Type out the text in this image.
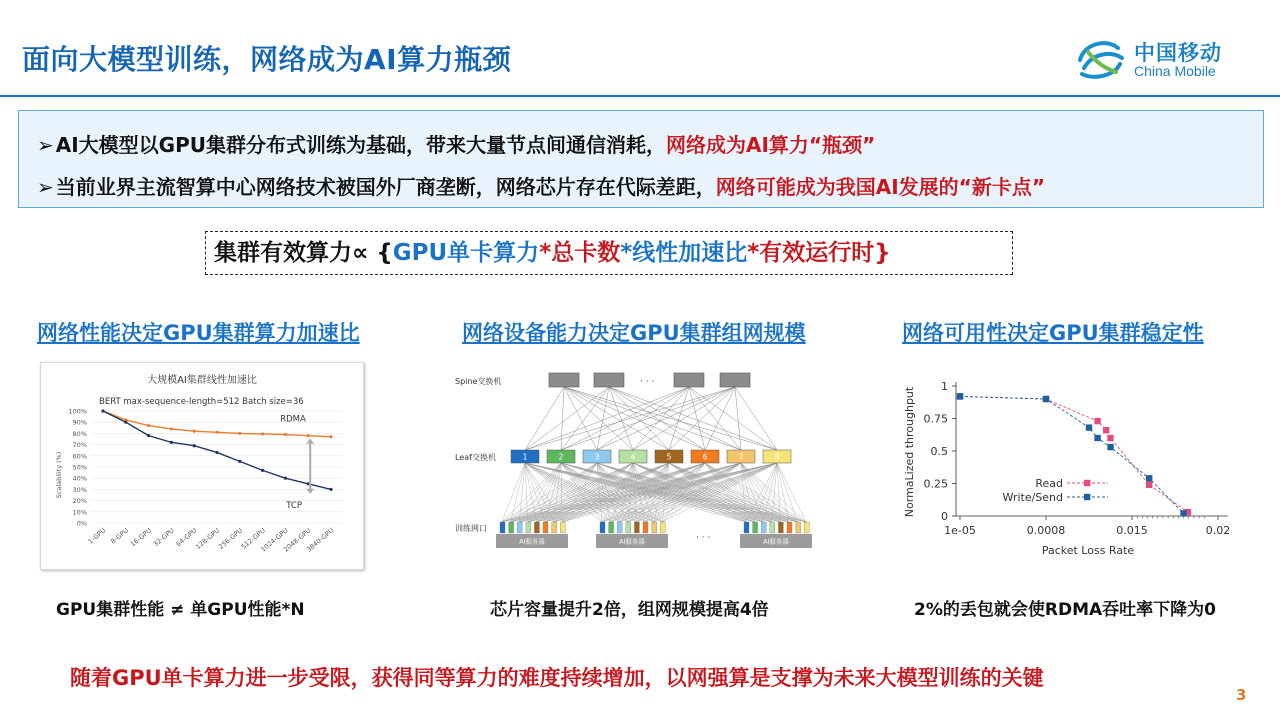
面向大模型训练，网络成为AI算力瓶颈	中国移动
China Mobile
➢ AI大模型以GPU集群分布式训练为基础，带来大量节点间通信消耗，网络成为AI算力“瓶颈”
➢ 当前业界主流智算中心网络技术被国外厂商垄断，网络芯片存在代际差距，网络可能成为我国AI发展的“新卡点”
集群有效算力∝ {GPU单卡算力*总卡数*线性加速比*有效运行时}
网络性能决定GPU集群算力加速比	网络设备能力决定GPU集群组网规模	网络可用性决定GPU集群稳定性
大规模AI集群线性加速比
BERT max-sequence-length=512 Batch size=36
Scalability (%)
0%
10%
20%
30%
40%
50%
60%
70%
80%
90%
100%
1-GPU 8-GPU
16-GPU
32-GPU
64-GPU
128-GPU
256-GPU
512-GPU
1024-GPU
2048-GPU
3840-GPU
RDMA
TCP
Spine交换机
Leaf交换机
训练网口
· · ·
· · ·
1	2	3	4	5	6	7	8
AI服务器	AI服务器	AI服务器
NormaLized throughput
Packet Loss Rate
0
0.25
0.5
0.75
1
1e-05	0.0008	0.015	0.02
Read
Write/Send
GPU集群性能 ≠ 单GPU性能*N	芯片容量提升2倍，组网规模提高4倍	2%的丢包就会使RDMA吞吐率下降为0
随着GPU单卡算力进一步受限，获得同等算力的难度持续增加，以网强算是支撑为未来大模型训练的关键
3
